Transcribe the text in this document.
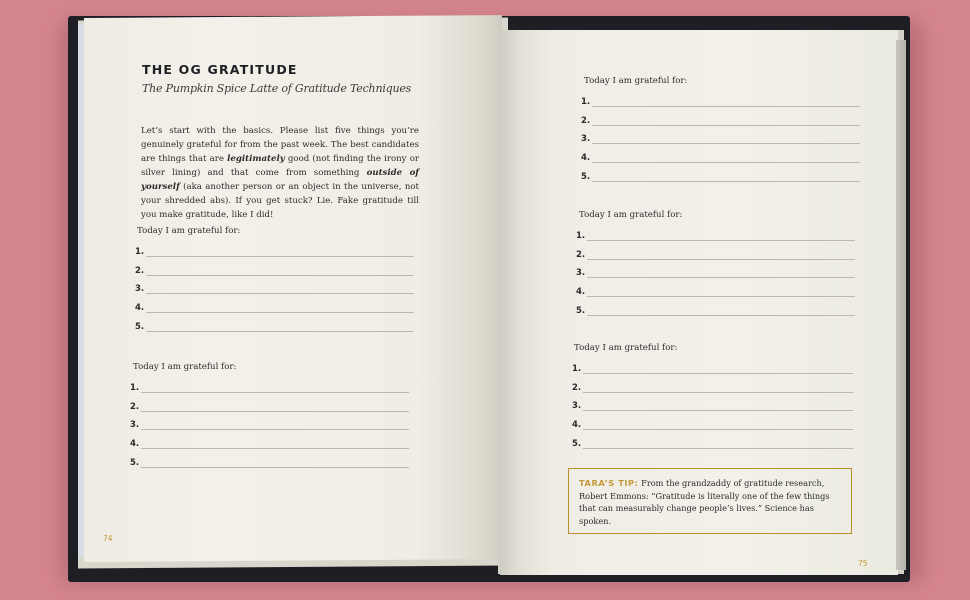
THE OG GRATITUDE
The Pumpkin Spice Latte of Gratitude Techniques
Let’s start with the basics. Please list five things you’re genuinely grateful for from the past week. The best candidates are things that are legitimately good (not finding the irony or silver lining) and that come from something outside of yourself (aka another person or an object in the universe, not your shredded abs). If you get stuck? Lie. Fake gratitude till you make gratitude, like I did!
Today I am grateful for:
1.
2.
3.
4.
5.
Today I am grateful for:
1.
2.
3.
4.
5.
74
Today I am grateful for:
1.
2.
3.
4.
5.
Today I am grateful for:
1.
2.
3.
4.
5.
Today I am grateful for:
1.
2.
3.
4.
5.
TARA’S TIP: From the grandzaddy of gratitude research, Robert Emmons: “Gratitude is literally one of the few things that can measurably change people’s lives.” Science has spoken.
75
